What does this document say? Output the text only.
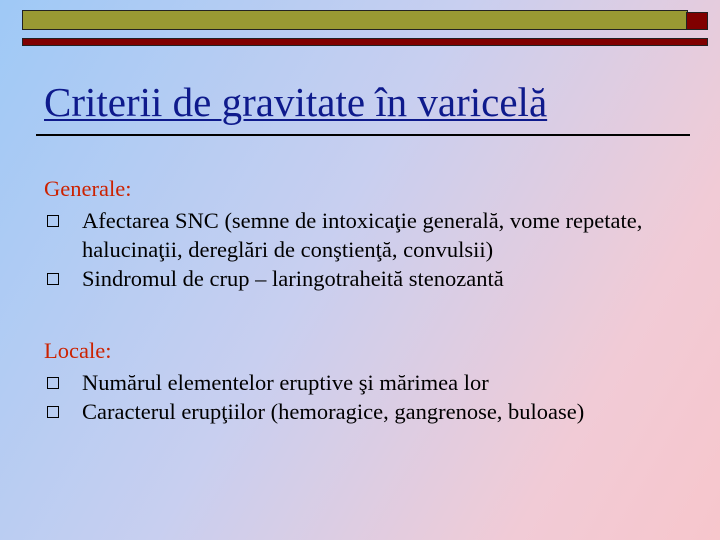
Criterii de gravitate în varicelă
Generale:
Afectarea SNC (semne de intoxicaţie generală, vome repetate, halucinaţii, dereglări de conştienţă, convulsii)
Sindromul de crup – laringotraheită stenozantă
Locale:
Numărul elementelor eruptive şi mărimea lor
Caracterul erupţiilor (hemoragice, gangrenose, buloase)
